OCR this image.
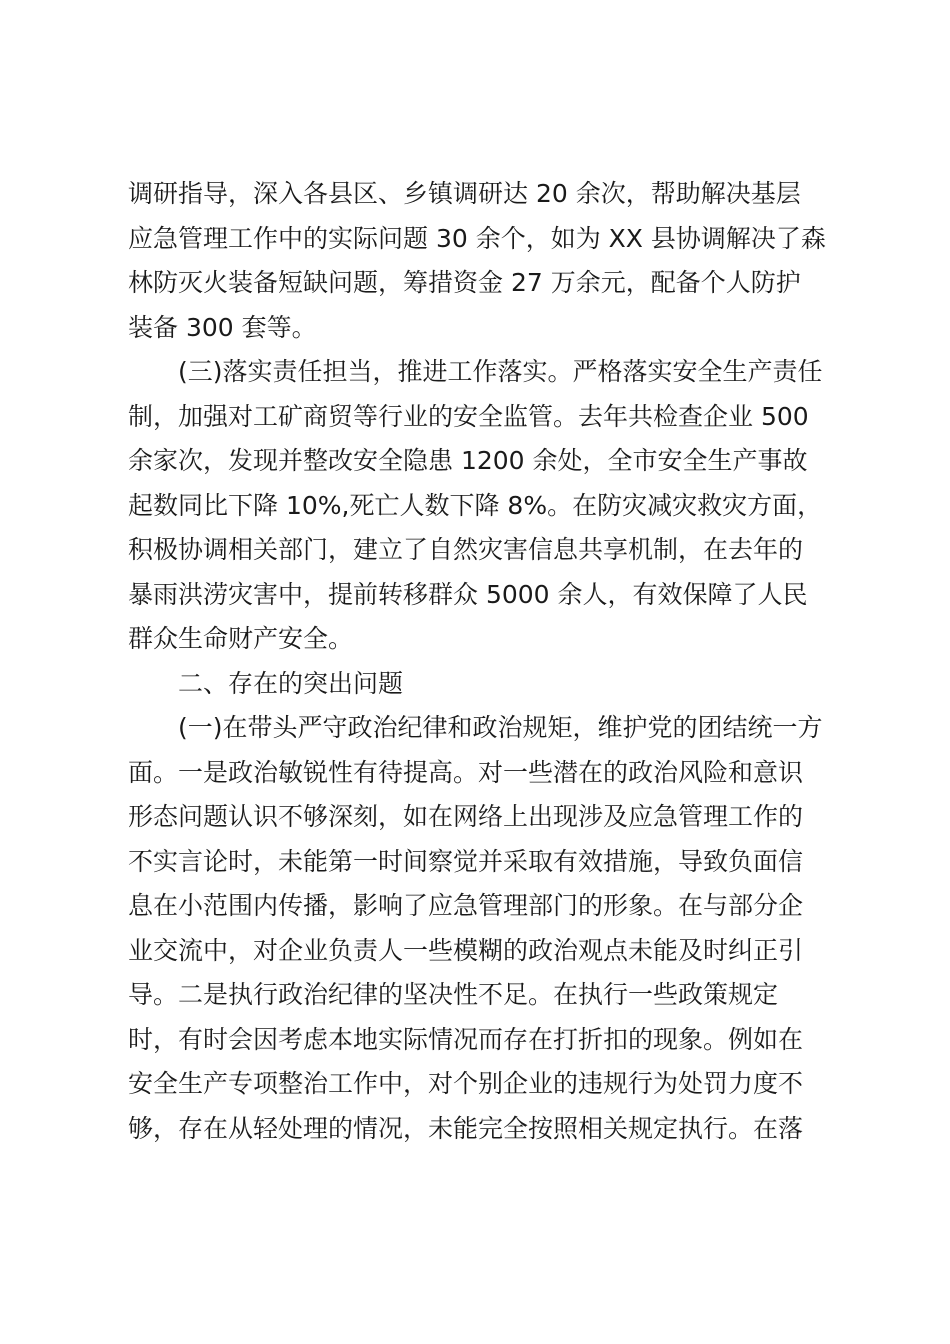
调研指导，深入各县区、乡镇调研达 20 余次，帮助解决基层
应急管理工作中的实际问题 30 余个，如为 XX 县协调解决了森
林防灭火装备短缺问题，筹措资金 27 万余元，配备个人防护
装备 300 套等。
(三)落实责任担当，推进工作落实。严格落实安全生产责任
制，加强对工矿商贸等行业的安全监管。去年共检查企业 500
余家次，发现并整改安全隐患 1200 余处，全市安全生产事故
起数同比下降 10%,死亡人数下降 8%。在防灾减灾救灾方面，
积极协调相关部门，建立了自然灾害信息共享机制，在去年的
暴雨洪涝灾害中，提前转移群众 5000 余人，有效保障了人民
群众生命财产安全。
二、存在的突出问题
(一)在带头严守政治纪律和政治规矩，维护党的团结统一方
面。一是政治敏锐性有待提高。对一些潜在的政治风险和意识
形态问题认识不够深刻，如在网络上出现涉及应急管理工作的
不实言论时，未能第一时间察觉并采取有效措施，导致负面信
息在小范围内传播，影响了应急管理部门的形象。在与部分企
业交流中，对企业负责人一些模糊的政治观点未能及时纠正引
导。二是执行政治纪律的坚决性不足。在执行一些政策规定
时，有时会因考虑本地实际情况而存在打折扣的现象。例如在
安全生产专项整治工作中，对个别企业的违规行为处罚力度不
够，存在从轻处理的情况，未能完全按照相关规定执行。在落
